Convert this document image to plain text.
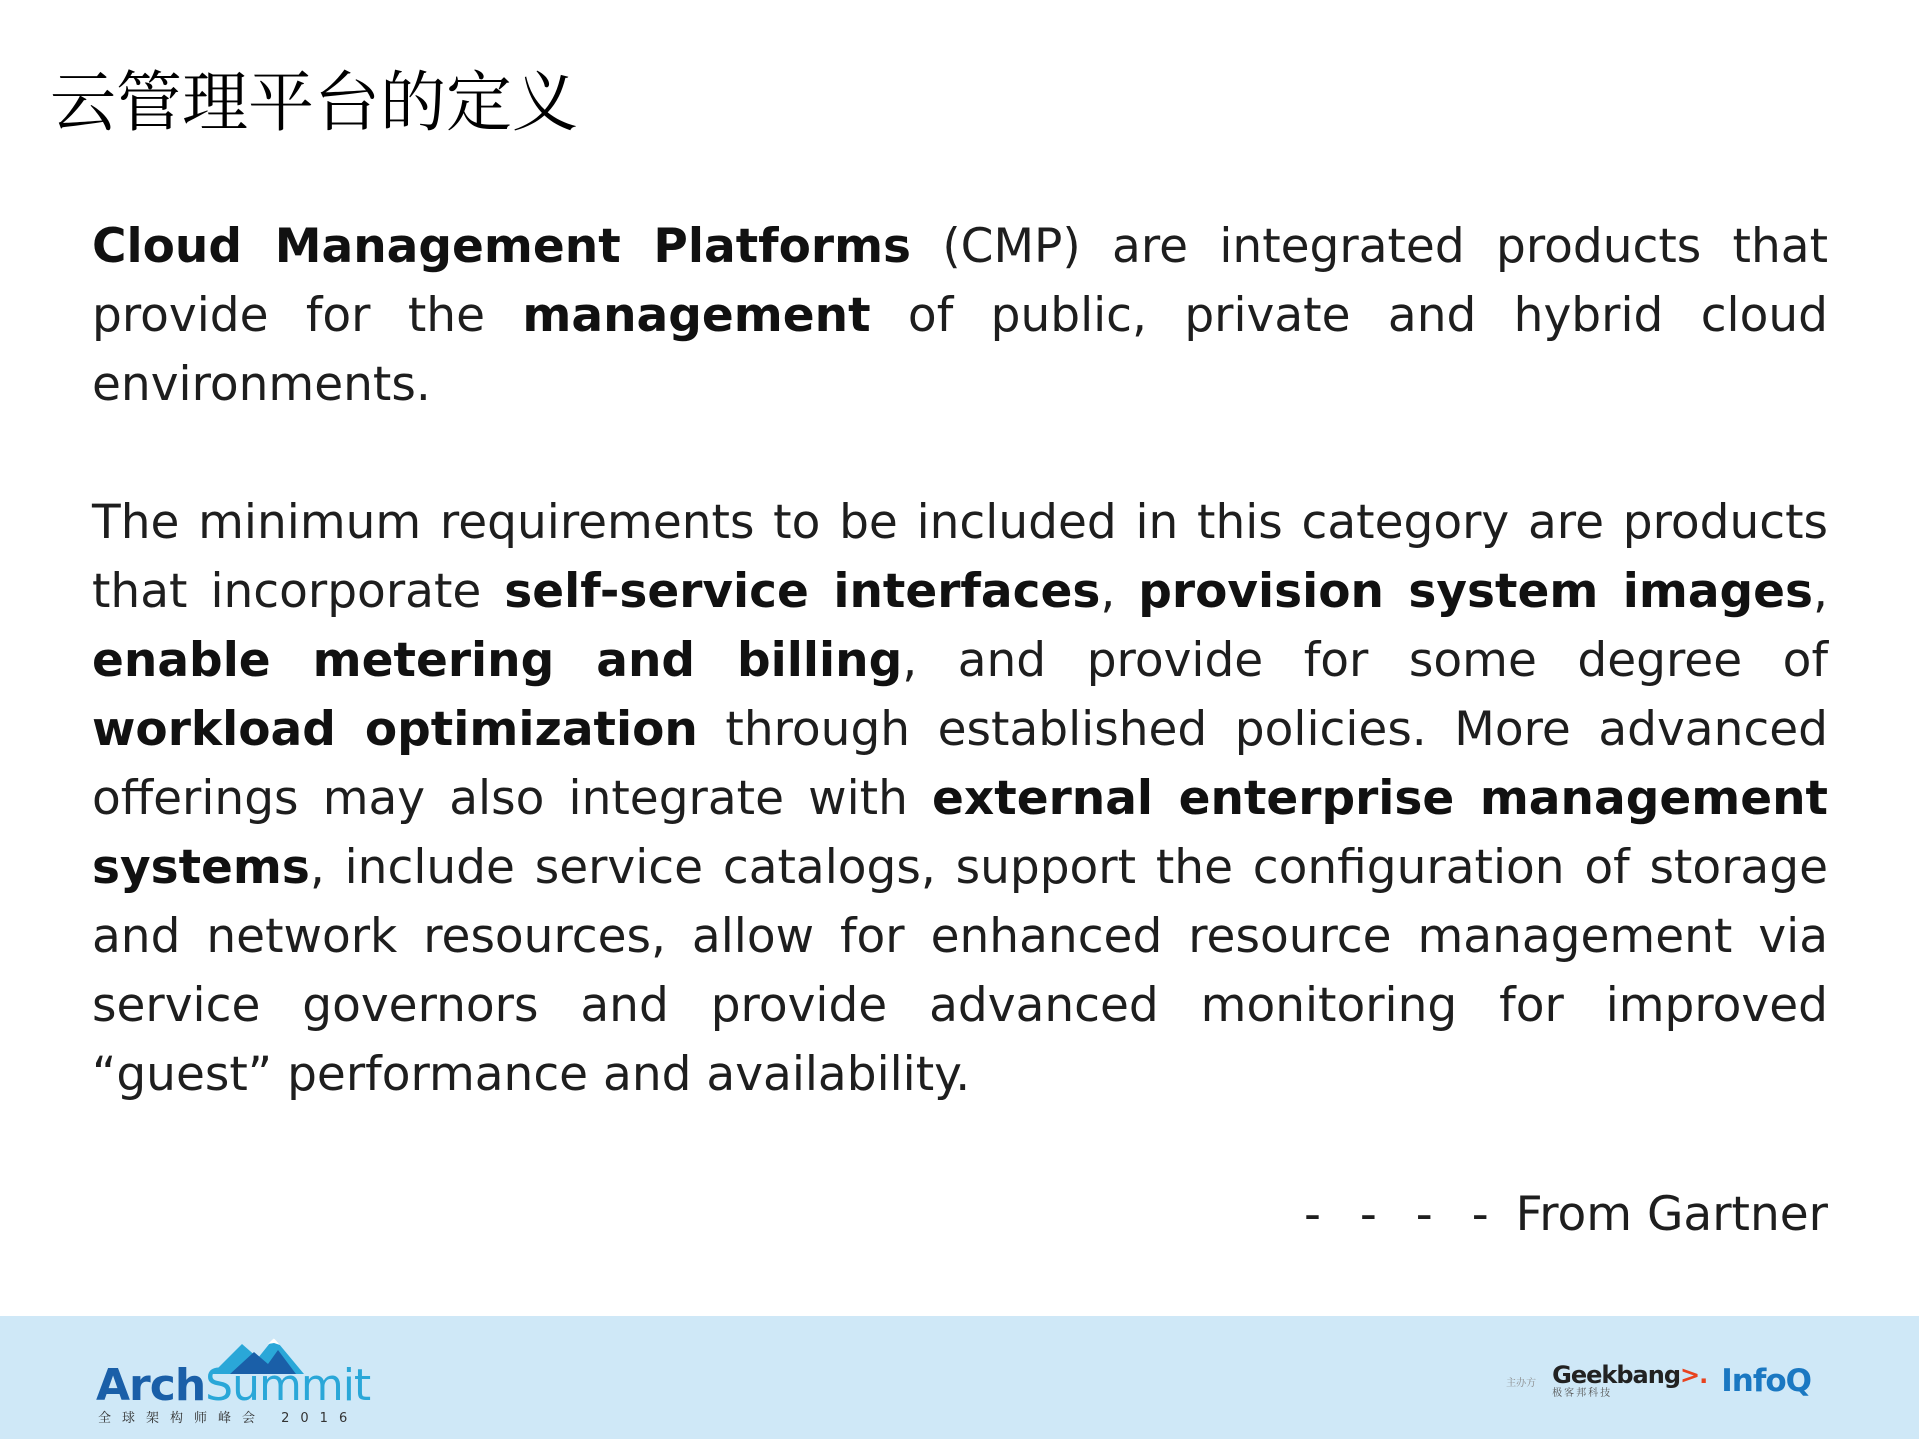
云管理平台的定义

Cloud Management Platforms (CMP) are integrated products that provide for the management of public, private and hybrid cloud environments.

The minimum requirements to be included in this category are products that incorporate self-service interfaces, provision system images, enable metering and billing, and provide for some degree of workload optimization through established policies. More advanced offerings may also integrate with external enterprise management systems, include service catalogs, support the configuration of storage and network resources, allow for enhanced resource management via service governors and provide advanced monitoring for improved “guest” performance and availability.

- - - - From Gartner

ArchSummit
全球架构师峰会 2016
主办方 Geekbang>.
极客邦科技	InfoQ
